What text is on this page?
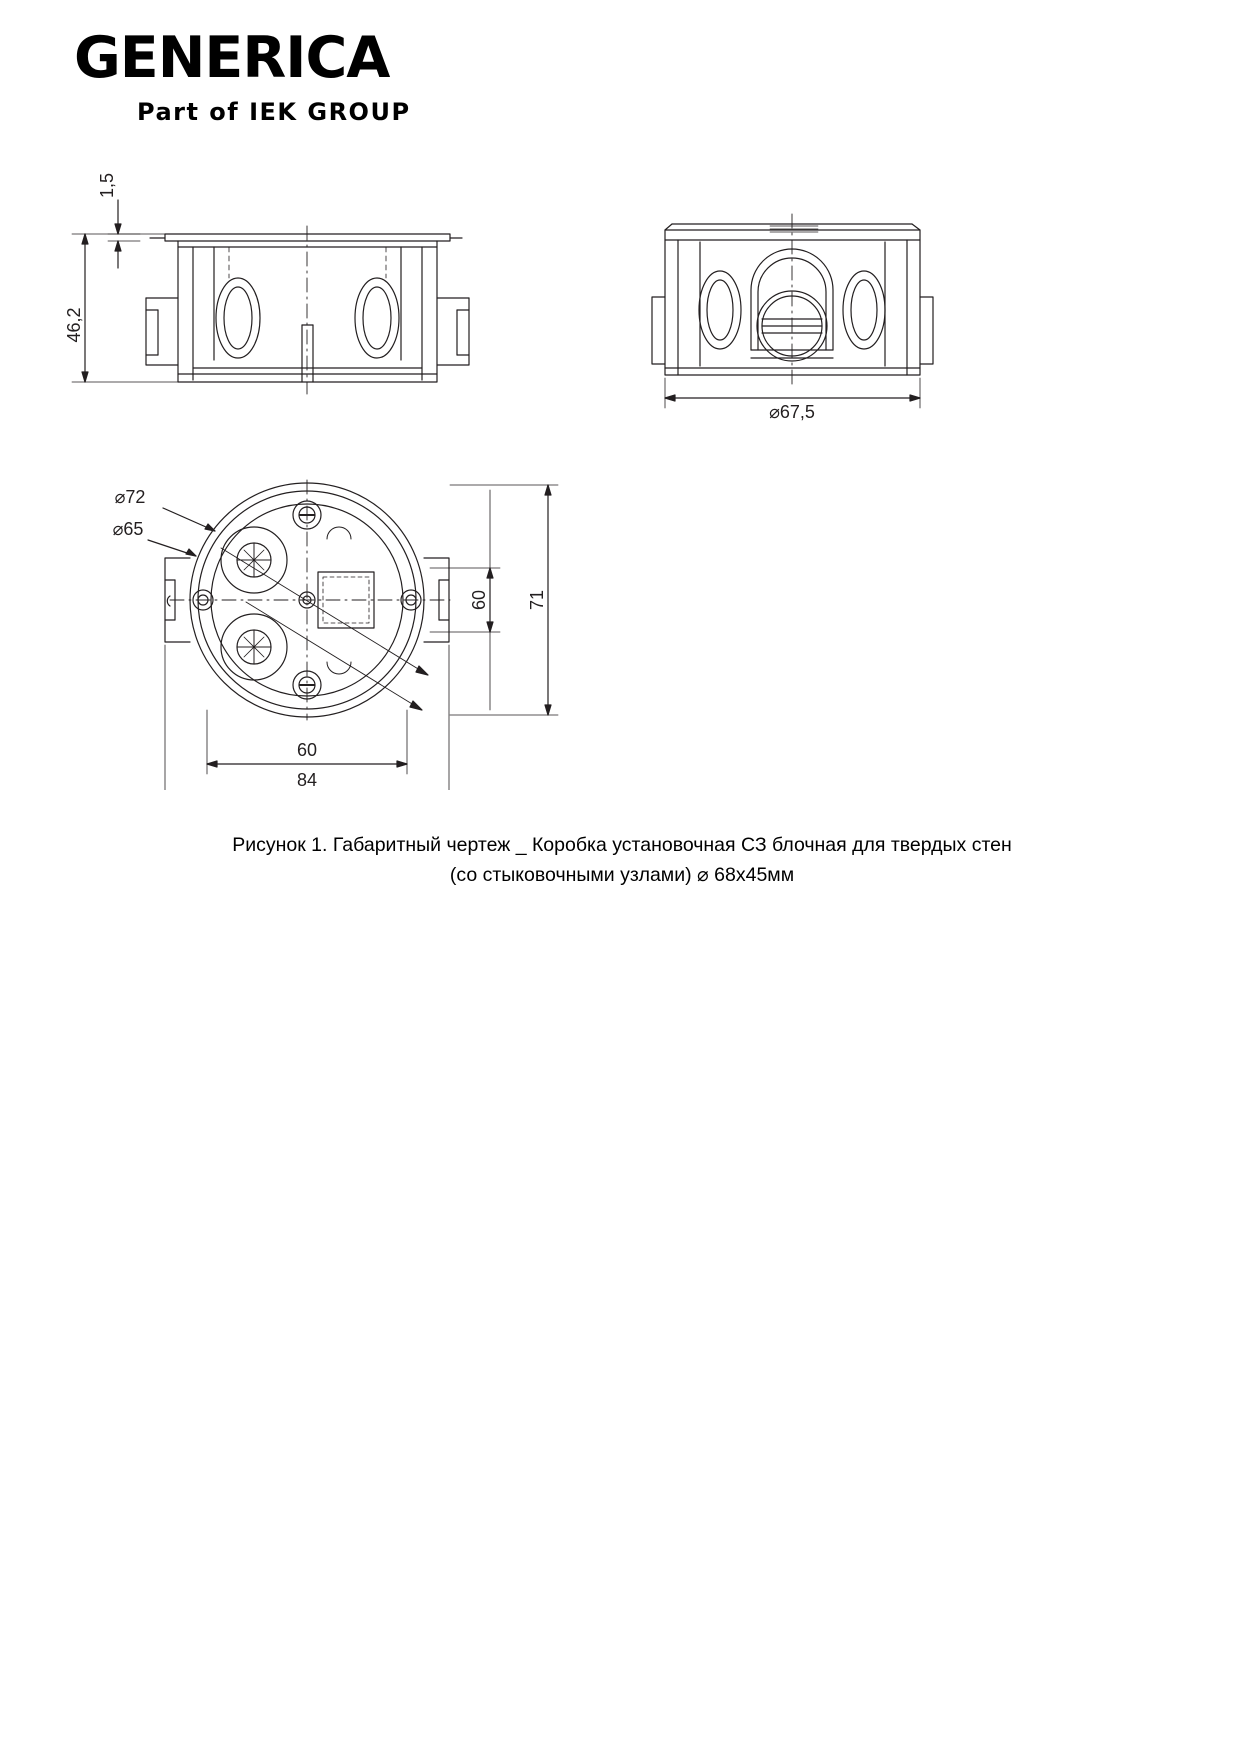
GENERICA
Part of IEK GROUP
1,5
46,2
⌀67,5
⌀72
⌀65
60 71
60
84
Рисунок 1. Габаритный чертеж _ Коробка установочная СЗ блочная для твердых стен
(со стыковочными узлами) ⌀ 68х45мм
